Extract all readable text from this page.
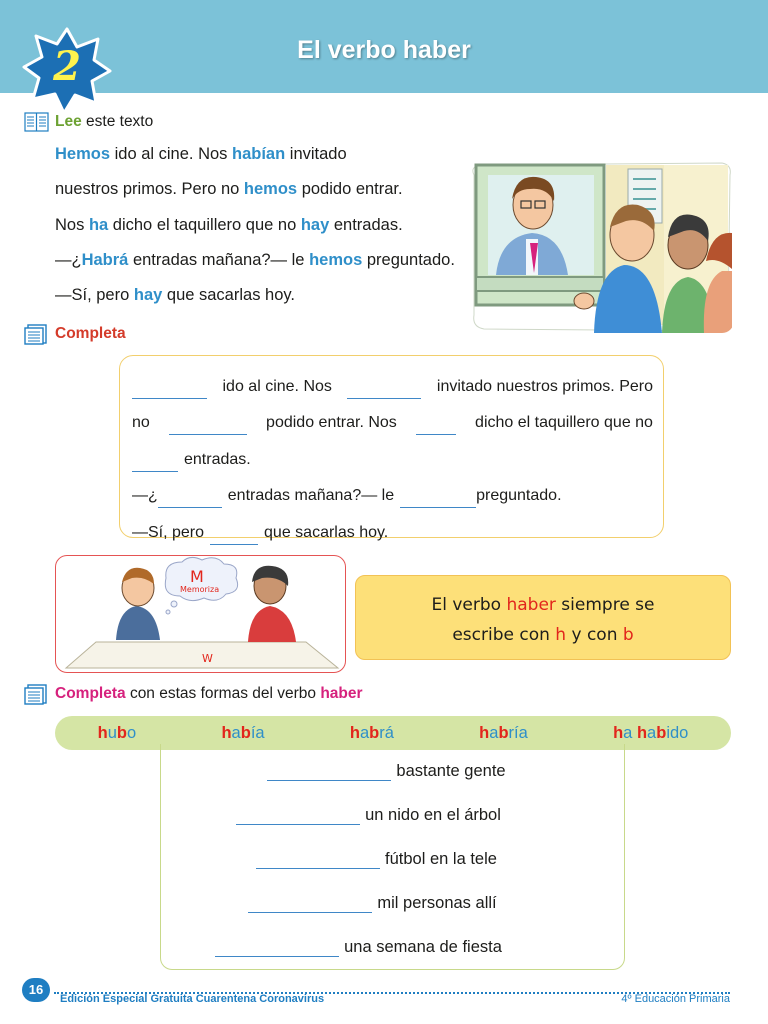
El verbo haber
2
Lee
este texto
Hemos ido al cine. Nos habían invitado
nuestros primos. Pero no hemos podido entrar.
Nos ha dicho el taquillero que no hay entradas.
—¿Habrá entradas mañana?— le hemos preguntado.
—Sí, pero hay que sacarlas hoy.
Completa
ido al cine. Nos	invitado nuestros primos. Pero
no	podido entrar. Nos	dicho el taquillero que no
entradas.
—¿	entradas mañana?— le	preguntado.
—Sí, pero	que sacarlas hoy.
M
Memoriza
W
El verbo haber siempre se
escribe con h y con b
Completa
con estas formas del verbo
haber
hubo	había	habrá	habría	ha habido
bastante gente
un nido en el árbol
fútbol en la tele
mil personas allí
una semana de fiesta
16
Edición Especial Gratuita Cuarentena Coronavirus	4º Educación Primaria
